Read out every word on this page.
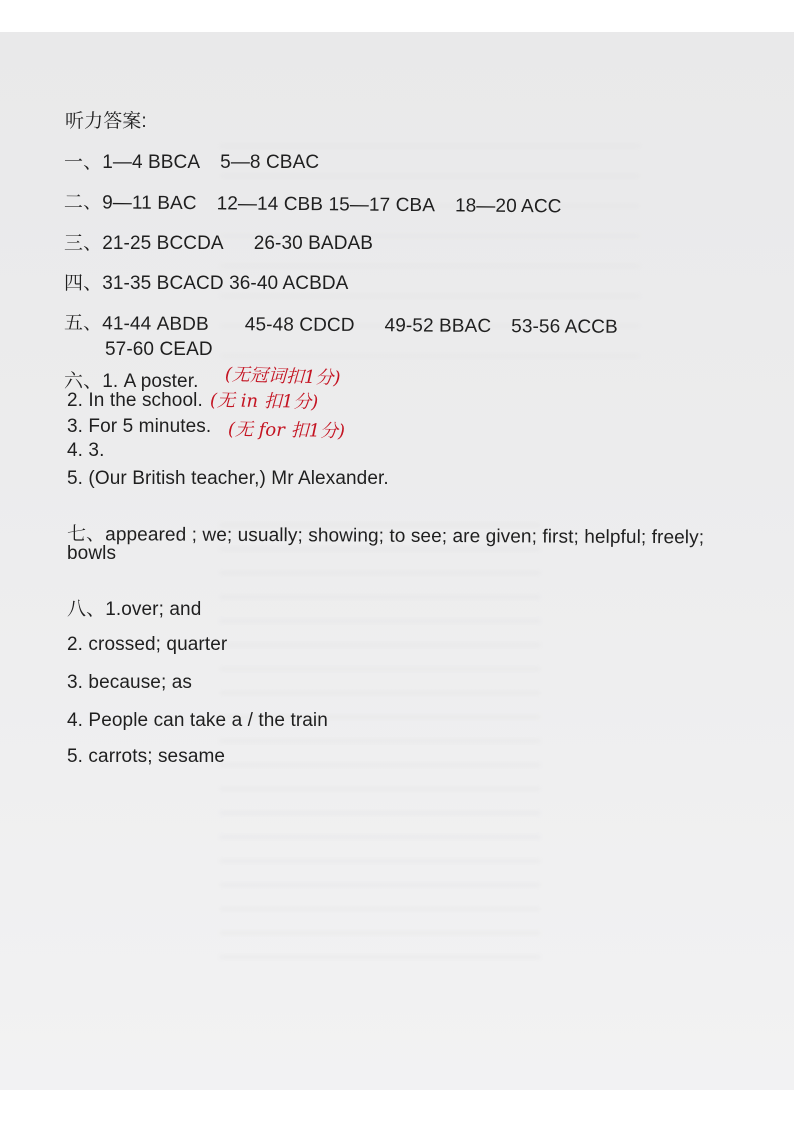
听力答案:
一、1—4 BBCA 5—8 CBAC
二、9—11 BAC 12—14 CBB 15—17 CBA 18—20 ACC
三、21-25 BCCDA 26-30 BADAB
四、31-35 BCACD 36-40 ACBDA
五、41-44 ABDB 45-48 CDCD 49-52 BBAC 53-56 ACCB
57-60 CEAD
六、1. A poster. (无冠词扣1分)
2. In the school. (无 in 扣1分)
3. For 5 minutes. (无 for 扣1分)
4. 3.
5. (Our British teacher,) Mr Alexander.
七、appeared ; we; usually; showing; to see; are given; first; helpful; freely;
bowls
八、1.over; and
2. crossed; quarter
3. because; as
4. People can take a / the train
5. carrots; sesame
